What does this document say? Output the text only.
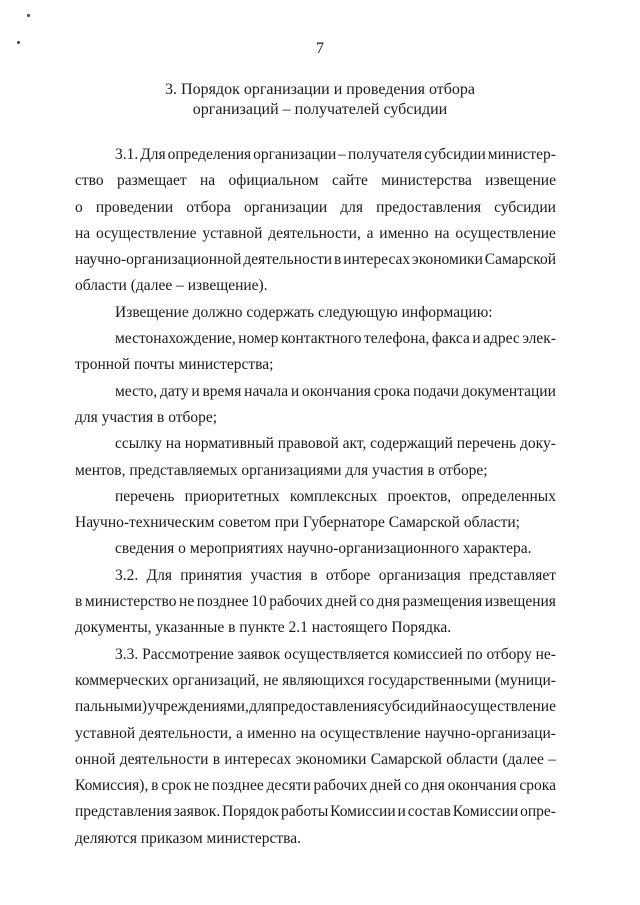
7
3. Порядок организации и проведения отбора
организаций – получателей субсидии
3.1. Для определения организации – получателя субсидии министер-
ство размещает на официальном сайте министерства извещение
о проведении отбора организации для предоставления субсидии
на осуществление уставной деятельности, а именно на осуществление
научно-организационной деятельности в интересах экономики Самарской
области (далее – извещение).
Извещение должно содержать следующую информацию:
местонахождение, номер контактного телефона, факса и адрес элек-
тронной почты министерства;
место, дату и время начала и окончания срока подачи документации
для участия в отборе;
ссылку на нормативный правовой акт, содержащий перечень доку-
ментов, представляемых организациями для участия в отборе;
перечень приоритетных комплексных проектов, определенных
Научно-техническим советом при Губернаторе Самарской области;
сведения о мероприятиях научно-организационного характера.
3.2. Для принятия участия в отборе организация представляет
в министерство не позднее 10 рабочих дней со дня размещения извещения
документы, указанные в пункте 2.1 настоящего Порядка.
3.3. Рассмотрение заявок осуществляется комиссией по отбору не-
коммерческих организаций, не являющихся государственными (муници-
пальными) учреждениями, для предоставления субсидий на осуществление
уставной деятельности, а именно на осуществление научно-организаци-
онной деятельности в интересах экономики Самарской области (далее –
Комиссия), в срок не позднее десяти рабочих дней со дня окончания срока
представления заявок. Порядок работы Комиссии и состав Комиссии опре-
деляются приказом министерства.
